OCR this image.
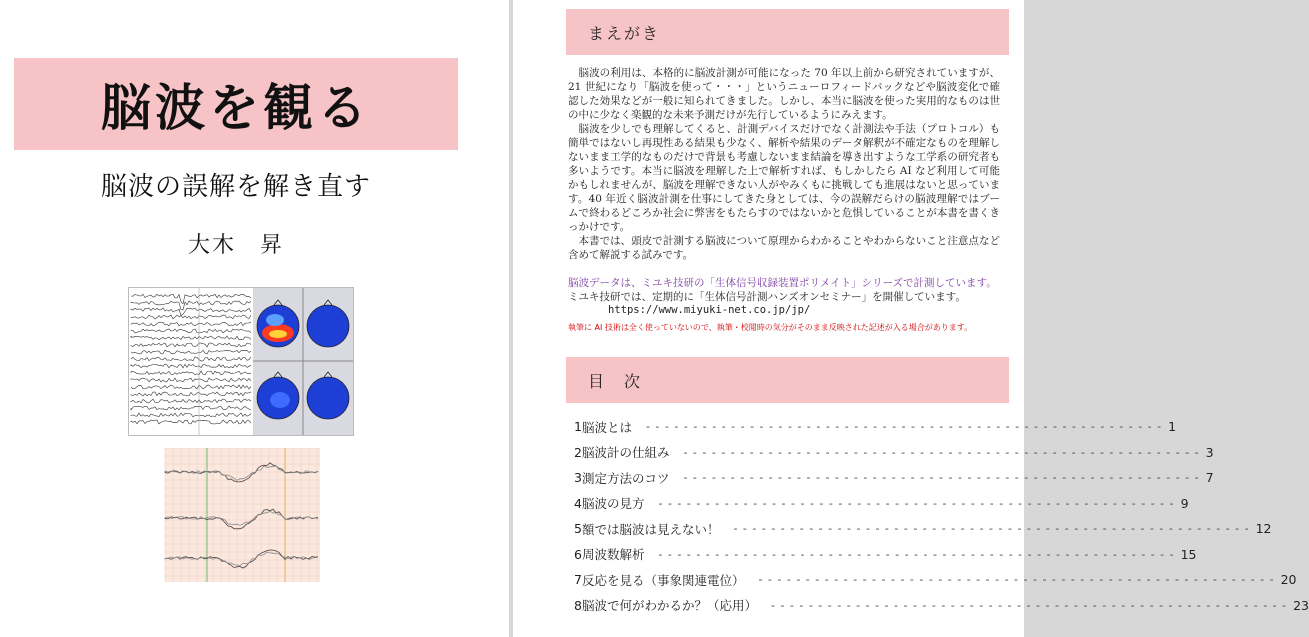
脳波を観る
脳波の誤解を解き直す
大木　昇
まえがき

脳波の利用は、本格的に脳波計測が可能になった 70 年以上前から研究されていますが、21 世紀になり「脳波を使って・・・」というニューロフィードバックなどや脳波変化で確認した効果などが一般に知られてきました。しかし、本当に脳波を使った実用的なものは世の中に少なく楽観的な未来予測だけが先行しているようにみえます。

脳波を少しでも理解してくると、計測デバイスだけでなく計測法や手法（プロトコル）も簡単ではないし再現性ある結果も少なく、解析や結果のデータ解釈が不確定なものを理解しないまま工学的なものだけで背景も考慮しないまま結論を導き出すような工学系の研究者も多いようです。本当に脳波を理解した上で解析すれば、もしかしたら AI など利用して可能かもしれませんが、脳波を理解できない人がやみくもに挑戦しても進展はないと思っています。40 年近く脳波計測を仕事にしてきた身としては、今の誤解だらけの脳波理解ではブームで終わるどころか社会に弊害をもたらすのではないかと危惧していることが本書を書くきっかけです。

本書では、頭皮で計測する脳波について原理からわかることやわからないこと注意点など含めて解説する試みです。

脳波データは、ミユキ技研の「生体信号収録装置ポリメイト」シリーズで計測しています。
ミユキ技研では、定期的に「生体信号計測ハンズオンセミナー」を開催しています。
https://www.miyuki-net.co.jp/jp/
執筆に AI 技術は全く使っていないので、執筆・校閲時の気分がそのまま反映された記述が入る場合があります。
目　次
1 脳波とは - - - - - - - - - - - - - - - - - - - - - - - - - - - - - - - - - - - - - - - - - - - - - - - - - - - - - - - 1
2 脳波計の仕組み - - - - - - - - - - - - - - - - - - - - - - - - - - - - - - - - - - - - - - - - - - - - - - - - - - - - - - - 3
3 測定方法のコツ - - - - - - - - - - - - - - - - - - - - - - - - - - - - - - - - - - - - - - - - - - - - - - - - - - - - - - - 7
4 脳波の見方 - - - - - - - - - - - - - - - - - - - - - - - - - - - - - - - - - - - - - - - - - - - - - - - - - - - - - - - 9
5 額では脳波は見えない！ - - - - - - - - - - - - - - - - - - - - - - - - - - - - - - - - - - - - - - - - - - - - - - - - - - - - - - - 12
6 周波数解析 - - - - - - - - - - - - - - - - - - - - - - - - - - - - - - - - - - - - - - - - - - - - - - - - - - - - - - - 15
7 反応を見る（事象関連電位） - - - - - - - - - - - - - - - - - - - - - - - - - - - - - - - - - - - - - - - - - - - - - - - - - - - - - - - 20
8 脳波で何がわかるか？（応用） - - - - - - - - - - - - - - - - - - - - - - - - - - - - - - - - - - - - - - - - - - - - - - - - - - - - - - - 23
